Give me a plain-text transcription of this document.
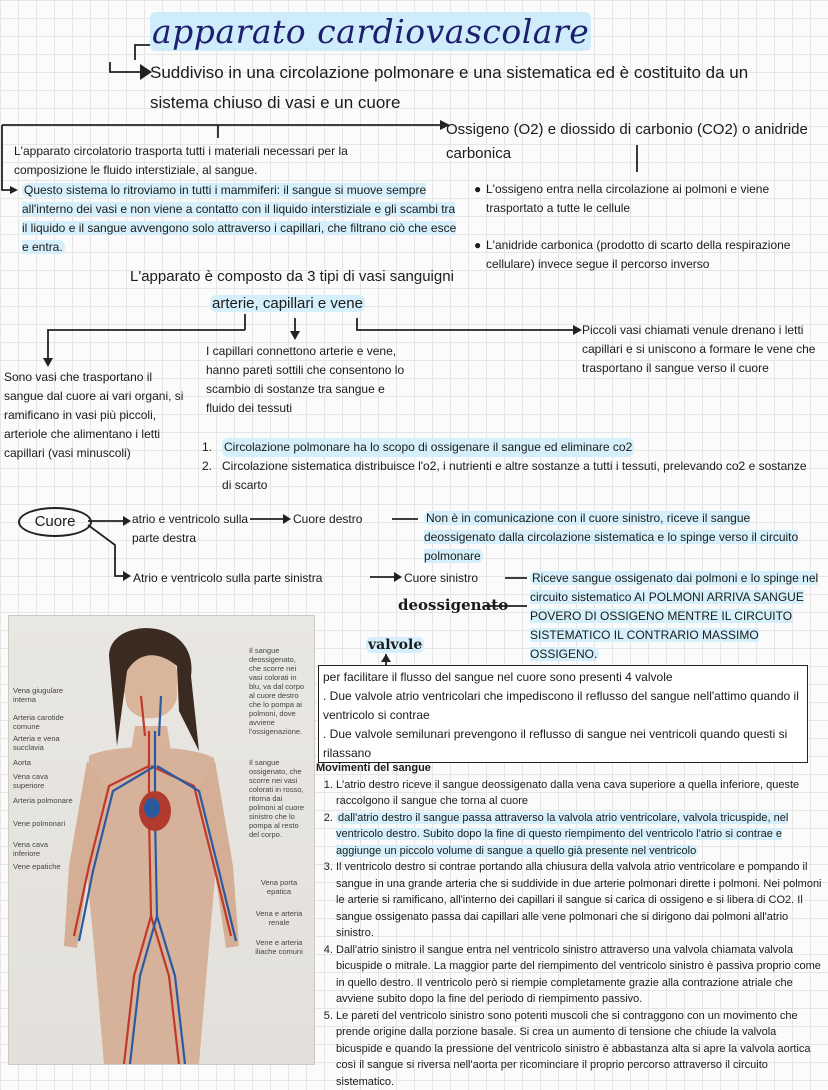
apparato cardiovascolare
Suddiviso in una circolazione polmonare e una sistematica ed è costituito da un sistema chiuso di vasi e un cuore
L'apparato circolatorio trasporta tutti i materiali necessari per la composizione le fluido interstiziale, al sangue.
Questo sistema lo ritroviamo in tutti i mammiferi: il sangue si muove sempre all'interno dei vasi e non viene a contatto con il liquido interstiziale e gli scambi tra il liquido e il sangue avvengono solo attraverso i capillari, che filtrano ciò che esce e entra.
Ossigeno (O2) e diossido di carbonio (CO2) o anidride carbonica
● L'ossigeno entra nella circolazione ai polmoni e viene trasportato a tutte le cellule
● L'anidride carbonica (prodotto di scarto della respirazione cellulare) invece segue il percorso inverso
L'apparato è composto da 3 tipi di vasi sanguigni
arterie, capillari e vene
Sono vasi che trasportano il sangue dal cuore ai vari organi, si ramificano in vasi più piccoli, arteriole che alimentano i letti capillari (vasi minuscoli)
I capillari connettono arterie e vene, hanno pareti sottili che consentono lo scambio di sostanze tra sangue e fluido dei tessuti
Piccoli vasi chiamati venule drenano i letti capillari e si uniscono a formare le vene che trasportano il sangue verso il cuore
1. Circolazione polmonare ha lo scopo di ossigenare il sangue ed eliminare co2
2. Circolazione sistematica distribuisce l'o2, i nutrienti e altre sostanze a tutti i tessuti, prelevando co2 e sostanze di scarto
Cuore	atrio e ventricolo sulla parte destra
Cuore destro	Non è in comunicazione con il cuore sinistro, riceve il sangue deossigenato dalla circolazione sistematica e lo spinge verso il circuito polmonare
Atrio e ventricolo sulla parte sinistra	Cuore sinistro
deossigenato
Riceve sangue ossigenato dai polmoni e lo spinge nel circuito sistematico AI POLMONI ARRIVA SANGUE POVERO DI OSSIGENO MENTRE IL CIRCUITO SISTEMATICO IL CONTRARIO MASSIMO OSSIGENO.
valvole
per facilitare il flusso del sangue nel cuore sono presenti 4 valvole
. Due valvole atrio ventricolari che impediscono il reflusso del sangue nell'attimo quando il ventricolo si contrae
. Due valvole semilunari prevengono il reflusso di sangue nei ventricoli quando questi si rilassano
Movimenti del sangue
1. L'atrio destro riceve il sangue deossigenato dalla vena cava superiore a quella inferiore, queste raccolgono il sangue che torna al cuore
2. dall'atrio destro il sangue passa attraverso la valvola atrio ventricolare, valvola tricuspide, nel ventricolo destro. Subito dopo la fine di questo riempimento del ventricolo l'atrio si contrae e aggiunge un piccolo volume di sangue a quello già presente nel ventricolo
3. Il ventricolo destro si contrae portando alla chiusura della valvola atrio ventricolare e pompando il sangue in una grande arteria che si suddivide in due arterie polmonari dirette i polmoni. Nei polmoni le arterie si ramificano, all'interno dei capillari il sangue si carica di ossigeno e si libera di CO2. Il sangue ossigenato passa dai capillari alle vene polmonari che si dirigono dai polmoni all'atrio sinistro.
4. Dall'atrio sinistro il sangue entra nel ventricolo sinistro attraverso una valvola chiamata valvola bicuspide o mitrale. La maggior parte del riempimento del ventricolo sinistro è passiva proprio come in quello destro. Il ventricolo però si riempie completamente grazie alla contrazione atriale che avviene subito dopo la fine del periodo di riempimento passivo.
5. Le pareti del ventricolo sinistro sono potenti muscoli che si contraggono con un movimento che prende origine dalla porzione basale. Si crea un aumento di tensione che chiude la valvola bicuspide e quando la pressione del ventricolo sinistro è abbastanza alta si apre la valvola aortica così il sangue si riversa nell'aorta per ricominciare il proprio percorso attraverso il circuito sistematico.
Vena giugulare interna
Arteria carotide comune
Arteria e vena succlavia
Aorta
Vena cava superiore
Arteria polmonare
Vene polmonari
Vena cava inferiore
Vene epatiche
Il sangue deossigenato, che scorre nei vasi colorati in blu, va dal corpo al cuore destro che lo pompa ai polmoni, dove avviene l'ossigenazione.
Il sangue ossigenato, che scorre nei vasi colorati in rosso, ritorna dai polmoni al cuore sinistro che lo pompa al resto del corpo.
Vena porta epatica
Vena e arteria renale
Vene e arteria iliache comuni
